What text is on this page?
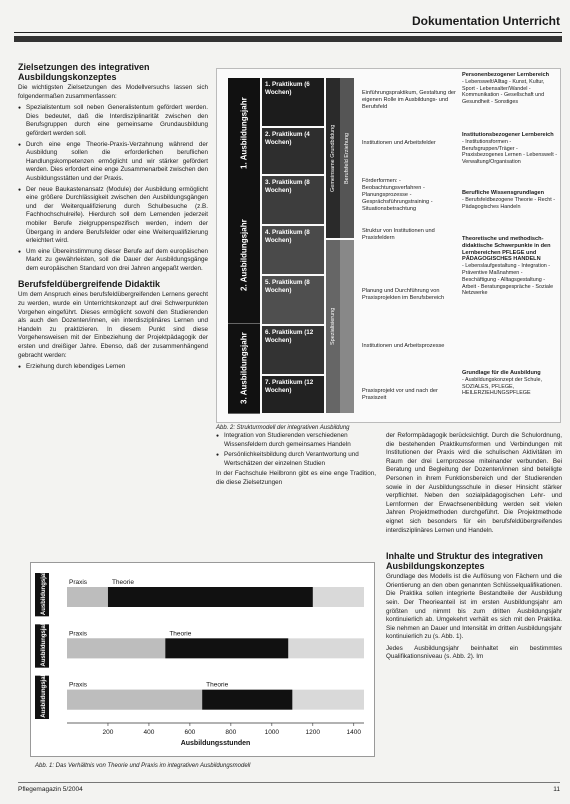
Dokumentation Unterricht
Zielsetzungen des integrativen Ausbildungskonzeptes

Die wichtigsten Zielsetzungen des Modellversuchs lassen sich folgendermaßen zusammenfassen:

● Spezialistentum soll neben Generalistentum gefördert werden. Dies bedeutet, daß die Interdisziplinarität zwischen den Berufsgruppen durch eine gemeinsame Grundausbildung gefördert werden soll.
● Durch eine enge Theorie-Praxis-Verzahnung während der Ausbildung sollen die erforderlichen beruflichen Handlungskompetenzen ermöglicht und wir stärker gefördert werden. Dies erfordert eine enge Zusammenarbeit zwischen den Ausbildungsstätten und der Praxis.
● Der neue Baukastenansatz (Module) der Ausbildung ermöglicht eine größere Durchlässigkeit zwischen den Ausbildungsgängen und der Weiterqualifizierung durch Schulbesuche (z.B. Fachhochschulreife). Hierdurch soll dem Lernenden jederzeit mobiler Berufe zielgruppenspezifisch werden, indem der Übergang in andere Berufsfelder oder eine Weiterqualifizierung erleichtert wird.
● Um eine Übereinstimmung dieser Berufe auf dem europäischen Markt zu gewährleisten, soll die Dauer der Ausbildungsgänge dem europäischen Standard von drei Jahren angepaßt werden.
Berufsfeldübergreifende Didaktik

Um dem Anspruch eines berufsfeldübergreifenden Lernens gerecht zu werden, wurde ein Unterrichtskonzept auf drei Schwerpunkten Vorgehen eingeführt. Dieses ermöglicht sowohl den Studierenden als auch den Dozenten/innen, ein interdisziplinäres Lernen und Handeln zu praktizieren. In diesem Punkt sind diese Vorgehensweisen mit der Einbeziehung der Projektpädagogik der ersten und dreißiger Jahre. Ebenso, daß der zusammenhängend gebracht werden:

● Erziehung durch lebendiges Lernen
1. Ausbildungsjahr
2. Ausbildungsjahr
3. Ausbildungsjahr
1. Praktikum (6 Wochen)
2. Praktikum (4 Wochen)
3. Praktikum (8 Wochen)
4. Praktikum (8 Wochen)
5. Praktikum (8 Wochen)
6. Praktikum (12 Wochen)
7. Praktikum (12 Wochen)
Gemeinsame Grundbildung	Berufsfeld Erziehung
Spezialisierung
Einführungspraktikum, Gestaltung der eigenen Rolle im Ausbildungs- und Berufsfeld
Institutionen und Arbeitsfelder
Förderformen: - Beobachtungsverfahren - Planungsprozesse - Gesprächsführungstraining - Situationsbetrachtung
Struktur von Institutionen und Praxisfeldern
Planung und Durchführung von Praxisprojekten im Berufsbereich
Institutionen und Arbeitsprozesse
Praxisprojekt vor und nach der Praxiszeit
Personenbezogener Lernbereich
- Lebenswelt/Alltag - Kunst, Kultur, Sport - Lebensalter/Wandel - Kommunikation - Gesellschaft und Gesundheit - Sonstiges
Institutionsbezogener Lernbereich
- Institutionsformen - Berufsgruppen/Träger - Praxisbezogenes Lernen - Lebenswelt - Verwaltung/Organisation
Berufliche Wissensgrundlagen
- Berufsfeldbezogene Theorie - Recht - Pädagogisches Handeln
Theoretische und methodisch-didaktische Schwerpunkte in den Lernbereichen PFLEGE und PÄDAGOGISCHES HANDELN
- Lebenslaufgestaltung - Integration - Präventive Maßnahmen - Beschäftigung - Alltagsgestaltung - Arbeit - Beratungsgespräche - Soziale Netzwerke
Grundlage für die Ausbildung
- Ausbildungskonzept der Schule, SOZIALES, PFLEGE, HEILERZIEHUNGSPFLEGE
Abb. 2: Strukturmodell der integrativen Ausbildung
● Integration von Studierenden verschiedenen Wissensfeldern durch gemeinsames Handeln
● Persönlichkeitsbildung durch Verantwortung und Wertschätzen der einzelnen Studien

In der Fachschule Heilbronn gibt es eine enge Tradition, die diese Zielsetzungen

der Reformpädagogik berücksichtigt. Durch die Schulordnung, die bestehenden Praktikumsformen und Verbindungen mit Institutionen der Praxis wird die schulischen Aktivitäten im Raum der drei Lernprozesse miteinander verbunden. Bei Beratung und Begleitung der Dozenten/innen sind beteiligte Personen in ihrem Funktionsbereich und der Studierenden sowie in der Ausbildungsschule in dieser Hinsicht stärker verpflichtet. Neben den sozialpädagogischen Lehr- und Lernformen der Erwachsenenbildung werden seit vielen Jahren Projektmethoden durchgeführt. Die Projektmethode eignet sich besonders für ein berufsfeldübergreifendes interdisziplinäres Lernen und Handeln.

Inhalte und Struktur des integrativen Ausbildungskonzeptes

Grundlage des Modells ist die Auflösung von Fächern und die Orientierung an den oben genannten Schlüsselqualifikationen. Die Praktika sollen integrierte Bestandteile der Ausbildung sein. Der Theorieanteil ist im ersten Ausbildungsjahr am größten und nimmt bis zum dritten Ausbildungsjahr kontinuierlich ab. Umgekehrt verhält es sich mit den Praktika. Sie nehmen an Dauer und Intensität im dritten Ausbildungsjahr kontinuierlich zu (s. Abb. 1).

Jedes Ausbildungsjahr beinhaltet ein bestimmtes Qualifikationsniveau (s. Abb. 2). Im

1. Ausbildungsjahr	Praxis	Theorie
2. Ausbildungsjahr	Praxis	Theorie
3. Ausbildungsjahr	Praxis	Theorie
200	400	600	800	1000	1200	1400
Ausbildungsstunden
Abb. 1: Das Verhältnis von Theorie und Praxis im integrativen Ausbildungsmodell
Pflegemagazin 5/2004	11
